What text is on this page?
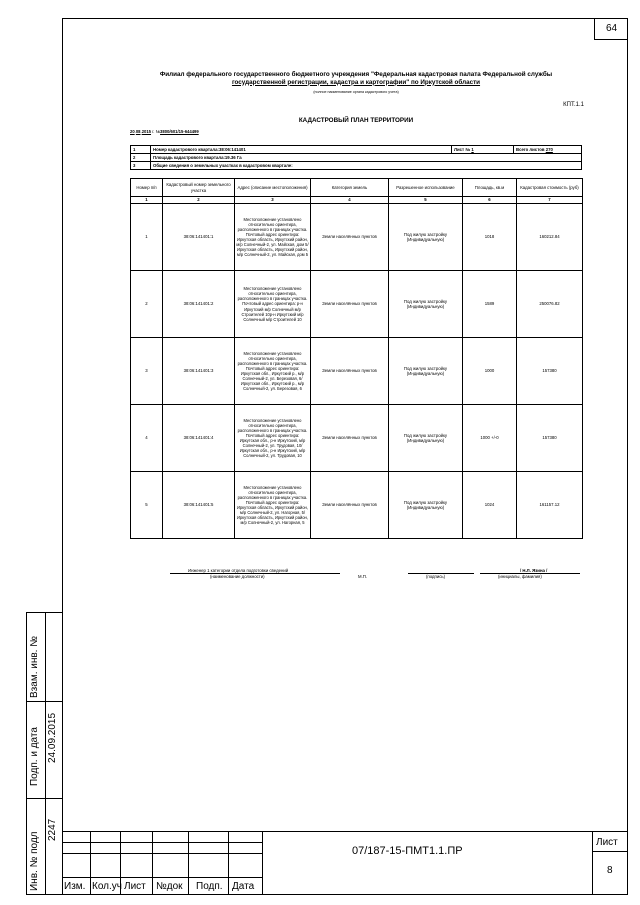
64
Взам. инв. №
Подп. и дата 24.09.2015
Инв. № подл
2247
Филиал федерального государственного бюджетного учреждения "Федеральная кадастровая палата Федеральной службы
государственной регистрации, кадастра и картографии" по Иркутской области
(полное наименование органа кадастрового учета)
КПТ.1.1
КАДАСТРОВЫЙ ПЛАН ТЕРРИТОРИИ
20.08.2015 г. №3800/601/15-644499
1	Номер кадастрового квартала:38:06:141401	Лист № 1	Всего листов 270
2	Площадь кадастрового квартала:19.36 Га		
3	Общие сведения о земельных участках в кадастровом квартале:		
Номер п/п	Кадастровый номер земельного участка	Адрес (описание местоположения)	Категория земель	Разрешенное использование	Площадь, кв.м	Кадастровая стоимость (руб)
1	2	3	4	5	6	7
1	38:06:141401:1	Местоположение установлено относительно ориентира, расположенного в границах участка. Почтовый адрес ориентира: Иркутская область, Иркутский район, м/р Солнечный-2, ул. Майская, дом 5/Иркутская область, Иркутский район, м/р Солнечный-2, ул. Майская, дом 5	Земли населённых пунктов	Под жилую застройку (Индивидуальную)	1018	160212.84
2	38:06:141401:2	Местоположение установлено относительно ориентира, расположенного в границах участка. Почтовый адрес ориентира: р-н Иркутский м/р Солнечный м/р Строителей 10р-н Иркутский м/р Солнечный м/р Строителей 10	Земли населённых пунктов	Под жилую застройку (Индивидуальную)	1589	250076.82
3	38:06:141401:3	Местоположение установлено относительно ориентира, расположенного в границах участка. Почтовый адрес ориентира: Иркутская обл., Иркутский р., м/р Солнечный-2, ул. Березовая, 6/Иркутская обл., Иркутский р., м/р Солнечный-2, ул. Березовая, 6	Земли населённых пунктов	Под жилую застройку (Индивидуальную)	1000	157380
4	38:06:141401:4	Местоположение установлено относительно ориентира, расположенного в границах участка. Почтовый адрес ориентира: Иркутская обл., р-н Иркутский, м/р Солнечный-2, ул. Трудовая, 10/Иркутская обл., р-н Иркутский, м/р Солнечный-2, ул. Трудовая, 10	Земли населённых пунктов	Под жилую застройку (Индивидуальную)	1000 +/-0	157380
5	38:06:141401:5	Местоположение установлено относительно ориентира, расположенного в границах участка. Почтовый адрес ориентира: Иркутская область, Иркутский район, м/р Солнечный-2, ул. Нагорная, 5/Иркутская область, Иркутский район, м/р Солнечный-2, ул. Нагорная, 5	Земли населённых пунктов	Под жилую застройку (Индивидуальную)	1024	161157.12
Инженер 1 категории отдела подготовки сведений	/ Н.Л. Язина /
(наименование должности)	М.П.	(подпись)	(инициалы, фамилия)
Изм. Кол.уч Лист №док Подп. Дата
07/187-15-ПМТ1.1.ПР
Лист
8
